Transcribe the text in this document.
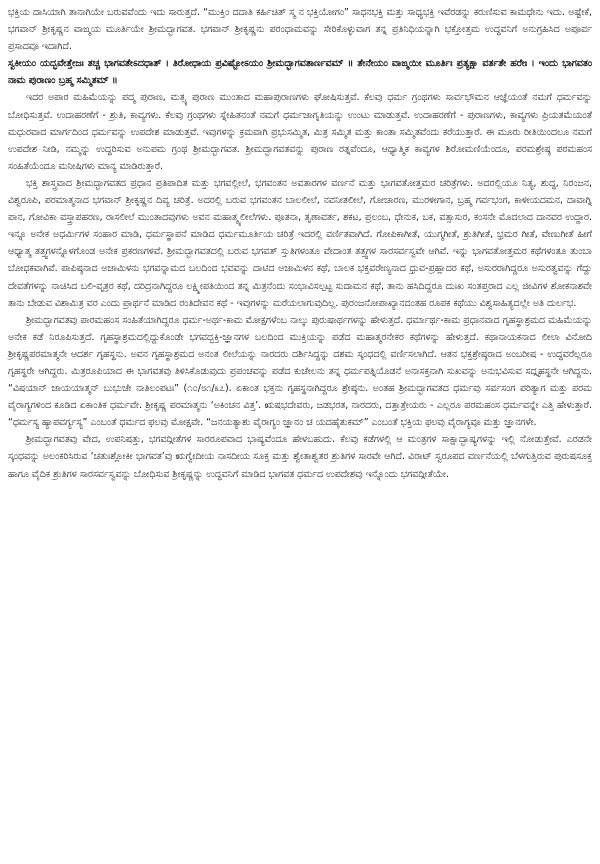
ಭಕ್ತಿಯ ದಾಸಿಯಾಗಿ ತಾನಾಗಿಯೇ ಬರುವವೆಂದು ಇದು ಸಾರುತ್ತದೆ. “ಮುಕ್ತಿಂ ದದಾತಿ ಕರ್ಹಿಚಿತ್ ಸ್ಮ ನ ಭಕ್ತಿಯೋಗಂ” ಸಾಧನಭಕ್ತಿ ಮತ್ತು ಸಾಧ್ಯಭಕ್ತಿ ಇವೆರಡನ್ನು ಕರುಣಿಸುವ ಕಾಮಧೇನು ಇದು. ಅಷ್ಟೇಕೆ, ಭಗವಾನ್ ಶ್ರೀಕೃಷ್ಣನ ವಾಙ್ಮಯ ಮೂರ್ತಿಯೇ ಶ್ರೀಮದ್ಭಾಗವತ. ಭಗವಾನ್ ಶ್ರೀಕೃಷ್ಣನು ಪರಂಧಾಮವನ್ನು ಸೇರಿಕೊಳ್ಳುವಾಗ ತನ್ನ ಪ್ರತಿನಿಧಿಯನ್ನಾಗಿ ಭಕ್ತೋತ್ತಮ ಉದ್ಧವನಿಗೆ ಅನುಗ್ರಹಿಸಿದ ಅಪೂರ್ವ ಪ್ರಸಾದವೂ ಇದಾಗಿದೆ.

ಸ್ವಕೀಯಂ ಯದ್ಭವೇತ್ತೇಜಃ ತಚ್ಚ ಭಾಗವತೇಽದಧಾತ್ । ತಿರೋಧಾಯ ಪ್ರವಿಷ್ಟೋಽಯಂ ಶ್ರೀಮದ್ಭಾಗವತಾರ್ಣವಮ್ ॥ ತೇನೇಯಂ ವಾಙ್ಮಯೀ ಮೂರ್ತಿಃ ಪ್ರತ್ಯಕ್ಷಾ ವರ್ತತೇ ಹರೇಃ । ಇಂದು ಭಾಗವತಂ ನಾಮ ಪುರಾಣಂ ಬ್ರಹ್ಮ ಸಮ್ಮಿತಮ್ ॥

ಇದರ ಅಪಾರ ಮಹಿಮೆಯನ್ನು ಪದ್ಮ ಪುರಾಣ, ಮತ್ಸ್ಯ ಪುರಾಣ ಮುಂತಾದ ಮಹಾಪುರಾಣಗಳು ಘೋಷಿಸುತ್ತವೆ. ಕೆಲವು ಧರ್ಮ ಗ್ರಂಥಗಳು ಸಾರ್ವಭೌಮನ ಆಜ್ಞೆಯಂತೆ ನಮಗೆ ಧರ್ಮವನ್ನು ಬೋಧಿಸುತ್ತವೆ. ಉದಾಹರಣೆಗೆ - ಶ್ರುತಿ, ಕಾವ್ಯಗಳು. ಕೆಲವು ಗ್ರಂಥಗಳು ಸ್ನೇಹಿತನಂತೆ ನಮಗೆ ಧರ್ಮಜಾಗೃತಿಯನ್ನು ಉಂಟು ಮಾಡುತ್ತವೆ. ಉದಾಹರಣೆಗೆ - ಪುರಾಣಗಳು, ಕಾವ್ಯಗಳು ಪ್ರಿಯತಮೆಯಂತೆ ಮಧುರವಾದ ಮಾರ್ಗದಿಂದ ಧರ್ಮವನ್ನು ಉಪದೇಶ ಮಾಡುತ್ತವೆ. ಇವುಗಳನ್ನು ಕ್ರಮವಾಗಿ ಪ್ರಭುಸಮ್ಮಿತ, ಮಿತ್ರ ಸಮ್ಮಿತ ಮತ್ತು ಕಾಂತಾ ಸಮ್ಮಿತವೆಂದು ಕರೆಯುತ್ತಾರೆ. ಈ ಮೂರು ರೀತಿಯಿಂದಲೂ ನಮಗೆ ಉಪದೇಶ ನೀಡಿ, ನಮ್ಮನ್ನು ಉದ್ಧರಿಸುವ ಅನುಪಮ ಗ್ರಂಥ ಶ್ರೀಮದ್ಭಾಗವತ. ಶ್ರೀಮದ್ಭಾಗವತವನ್ನು ಪುರಾಣ ರತ್ನವೆಂದೂ, ಆಧ್ಯಾತ್ಮಿಕ ಕಾವ್ಯಗಳ ಶಿರೋಮಣಿಯೆಂದೂ, ಪರಮಶ್ರೇಷ್ಠ ಪರಮಹಂಸ ಸಂಹಿತೆಯೆಂದೂ ಮನೀಷಿಗಳು ಮಾನ್ಯ ಮಾಡಿರುತ್ತಾರೆ.

ಭಕ್ತಿ ಶಾಸ್ತ್ರವಾದ ಶ್ರೀಮದ್ಭಾಗವತದ ಪ್ರಧಾನ ಪ್ರತಿಪಾದಿತ ಮತ್ತು ಭಗವಲ್ಲೀಲೆ, ಭಗವಂತನ ಅವತಾರಗಳ ವರ್ಣನೆ ಮತ್ತು ಭಾಗವತೋತ್ತಮರ ಚರಿತ್ರೆಗಳು. ಅದರಲ್ಲಿಯೂ ನಿತ್ಯ, ಶುದ್ಧ, ನಿರಂಜನ, ವಿಶ್ವರೂಪಿ, ಪರಮಾತ್ಮನಾದ ಭಗವಾನ್ ಶ್ರೀಕೃಷ್ಣನ ದಿವ್ಯ ಚರಿತ್ರೆ. ಅದರಲ್ಲಿ ಬರುವ ಭಗವಂತನ ಬಾಲಲೀಲೆ, ನವನೀತಲೀಲೆ, ಗೋಚಾರಣ, ಮುರಳೀಗಾನ, ಬ್ರಹ್ಮ ಗರ್ವಭಂಗ, ಕಾಳೀಯದಮನ, ದಾವಾಗ್ನಿ ಪಾನ, ಗೋವಿಕಾ ವಸ್ತ್ರಾಪಹರಣ, ರಾಸಲೀಲೆ ಮುಂತಾದವುಗಳು ಅವನ ಮಹಾತ್ಮ್ಯಲೀಲೆಗಳು. ಪೂತನಾ, ತೃಣಾವರ್ತ, ಶಕಟ, ಪ್ರಲಂಬ, ಧೇನುಕ, ಬಕ, ವತ್ಸಾಸುರ, ಕಂಸನೇ ಮೊದಲಾದ ದಾನವರ ಉದ್ಧಾರ. ಇನ್ನೂ ಅನೇಕ ಅಧರ್ಮಿಗಳ ಸಂಹಾರ ಮಾಡಿ, ಧರ್ಮಸ್ಥಾಪನೆ ಮಾಡಿದ ಧರ್ಮಮೂರ್ತಿಯ ಚರಿತ್ರೆ ಇದರಲ್ಲಿ ವರ್ಣಿತವಾಗಿದೆ. ಗೋಪಿಕಾಗೀತೆ, ಯುಗ್ಮಗೀತೆ, ಶ್ರುತಿಗೀತೆ, ಭ್ರಮರ ಗೀತೆ, ವೇಣುಗೀತೆ ಹೀಗೆ ಆಧ್ಯಾತ್ಮ ತತ್ತ್ವಗಳನ್ನೊಳಗೊಂಡ ಅನೇಕ ಪ್ರಕರಣಗಳಿವೆ. ಶ್ರೀಮದ್ಭಾಗವತದಲ್ಲಿ ಬರುವ ಭಗವತ್ ಸ್ತುತಿಗಳಂತೂ ವೇದಾಂತ ತತ್ತ್ವಗಳ ಸಾರಸರ್ವಸ್ವವೇ ಆಗಿವೆ. ಇನ್ನು ಭಾಗವತೋತ್ತಮರ ಕಥೆಗಳಂತೂ ತುಂಬಾ ಬೋಧಕವಾಗಿವೆ. ಪಾಪಿಷ್ಠನಾದ ಅಜಾಮಿಳನು ಭಗವನ್ನಾಮದ ಬಲದಿಂದ ಭವವನ್ನು ದಾಟಿದ ಅಜಾಮಿಳನ ಕಥೆ, ಬಾಲಕ ಭಕ್ತವರೇಣ್ಯನಾದ ಧ್ರುವ-ಪ್ರಹ್ಲಾದರ ಕಥೆ, ಅಸುರರಾಗಿದ್ದರೂ ಅಸುರತ್ವವನ್ನು ಗೆದ್ದು ದೇವತೆಗಳನ್ನು ನಾಚಿಸಿದ ಬಲಿ-ವೃತ್ರರ ಕಥೆ, ದರಿದ್ರನಾಗಿದ್ದರೂ ಲಕ್ಷ್ಮೀಪತಿಯಿಂದ ತನ್ನ ಮಿತ್ರನೆಂದು ಸಂಭಾವಿಸಲ್ಪಟ್ಟ ಸುದಾಮನ ಕಥೆ, ತಾನು ಹಸಿದಿದ್ದರೂ ದುಃಖ ಸಂತಪ್ತರಾದ ಎಲ್ಲ ಜೀವಿಗಳ ಶೋಕನಾಶವೇ ತಾನು ಬೇಡುವ ವಿಶಾಮಿತ್ರ ವರ ಎಂದು ಪ್ರಾರ್ಥನೆ ಮಾಡಿದ ರಂತಿದೇವನ ಕಥೆ - ಇವುಗಳನ್ನು ಮರೆಯಲಾಗುವುದಿಲ್ಲ. ಪುರಂಜನೋಪಾಖ್ಯಾನದಂತಹ ರೂಪಕ ಕಥೆಯು ವಿಶ್ವಸಾಹಿತ್ಯದಲ್ಲೇ ಅತಿ ದುರ್ಲಭ.

ಶ್ರೀಮದ್ಭಾಗವತವು ಪಾರಮಹಂಸ ಸಂಹಿತೆಯಾಗಿದ್ದರೂ ಧರ್ಮ-ಅರ್ಥ-ಕಾಮ ಮೋಕ್ಷಗಳೆಂಬ ನಾಲ್ಕು ಪುರುಷಾರ್ಥಗಳನ್ನು ಹೇಳುತ್ತದೆ. ಧರ್ಮಾರ್ಥ-ಕಾಮ ಪ್ರಧಾನವಾದ ಗೃಹಸ್ಥಾಶ್ರಮದ ಮಹಿಮೆಯನ್ನು ಅನೇಕ ಕಡೆ ನಿರೂಪಿಸುತ್ತದೆ. ಗೃಹಸ್ಥಾಶ್ರಮದಲ್ಲಿದ್ದುಕೊಂಡೇ ಭಗವದ್ಭಕ್ತಿ-ಜ್ಞಾನಗಳ ಬಲದಿಂದ ಮುಕ್ತಿಯನ್ನು ಪಡೆದ ಮಹಾತ್ಮರನೇಕರ ಕಥೆಗಳನ್ನು ಹೇಳುತ್ತದೆ. ಕಥಾನಾಯಕನಾದ ಲೀಲಾ ವಿನೋದಿ ಶ್ರೀಕೃಷ್ಣಪರಮಾತ್ಮನೇ ಆದರ್ಶ ಗೃಹಸ್ಥನು. ಅವನ ಗೃಹಸ್ಥಾಶ್ರಮದ ಅನಂತ ಲೀಲೆಯನ್ನು ನಾರದರು ದರ್ಶಿಸಿದ್ದನ್ನು ದಶಮ ಸ್ಕಂಧದಲ್ಲಿ ವರ್ಣಿಸಲಾಗಿದೆ. ಆತನ ಭಕ್ತಶ್ರೇಷ್ಠರಾದ ಅಂಬರೀಷ - ಉದ್ಧವರೆಲ್ಲರೂ ಗೃಹಸ್ಥರೇ ಆಗಿದ್ದರು. ಮಿತ್ರರೂಪಿಯಾದ ಈ ಭಾಗವತವು ತಿಳಿಸಿಕೊಡುವುದು ಪ್ರಪಂಚವನ್ನು ಪಡೆದ ಕುಚೇಲನು ತನ್ನ ಧರ್ಮಪತ್ನಿಯೊಡನೆ ಅನಾಸಕ್ತನಾಗಿ ಸುಖವನ್ನು ಅನುಭವಿಸುವ ಸದ್ಗೃಹಸ್ಥನೇ ಆಗಿದ್ದನು. “ವಿಷಯಾನ್ ಜಾಯಯಾತ್ಮನ್ ಬುಭುಜೇ ನಾತಿಲಂಪಟಃ” (೧೦/೮೧/೩೭). ಏಕಾಂತ ಭಕ್ತನು ಗೃಹಸ್ಥನಾಗಿದ್ದರೂ ಶ್ರೇಷ್ಠನು. ಅಂತಹ ಶ್ರೀಮದ್ಭಾಗವತದ ಧರ್ಮವು ಸರ್ವಸಂಗ ಪರಿತ್ಯಾಗ ಮತ್ತು ಪರಮ ವೈರಾಗ್ಯಗಳಿಂದ ಕೂಡಿದ ಏಕಾಂತಿಕ ಧರ್ಮವೇ. ಶ್ರೀಕೃಷ್ಣ ಪರಮಾತ್ಮನು ‘ಅಕಿಂಚನ ವಿತ್ತ’. ಋಷಭದೇವರು, ಜಡಭರತ, ನಾರದರು, ದತ್ತಾತ್ರೇಯರು - ಎಲ್ಲರೂ ಪರಮಹಂಸ ಧರ್ಮವನ್ನೇ ಎತ್ತಿ ಹೇಳುತ್ತಾರೆ. “ಧರ್ಮಸ್ಯ ಹ್ಯಾಪವರ್ಗ್ಯಸ್ಯ” ಎಂಬಂತೆ ಧರ್ಮದ ಫಲವು ಮೋಕ್ಷವೇ. “ಜನಯತ್ಯಾಶು ವೈರಾಗ್ಯಂ ಜ್ಞಾನಂ ಚ ಯದಹೈತುಕಮ್” ಎಂಬಂತೆ ಭಕ್ತಿಯ ಫಲವು ವೈರಾಗ್ಯವೂ ಮತ್ತು ಜ್ಞಾನಗಳೇ.

ಶ್ರೀಮದ್ಭಾಗವತವು ವೇದ, ಉಪನಿಷತ್ತು, ಭಗವದ್ಗೀತೆಗಳ ಸಾರರೂಪವಾದ ಭಾಷ್ಯವೆಂದೂ ಹೇಳಬಹುದು. ಕೆಲವು ಕಡೆಗಳಲ್ಲಿ ಆ ಮಂತ್ರಗಳ ಸಾಕ್ಷಾದ್ಭಾಷ್ಯಗಳನ್ನು ಇಲ್ಲಿ ನೋಡುತ್ತೇವೆ. ಎರಡನೇ ಸ್ಕಂಧವನ್ನು ಅಲಂಕರಿಸಿರುವ ‘ಚತುಃಶ್ಲೋಕೀ ಭಾಗವತ’ವು ಋಗ್ವೇದೀಯ ನಾಸದೀಯ ಸೂಕ್ತ ಮತ್ತು ಶ್ವೇತಾಶ್ವತರ ಶ್ರುತಿಗಳ ಸಾರವೇ ಆಗಿದೆ. ವಿರಾಟ್ ಸ್ವರೂಪದ ವರ್ಣನೆಯಲ್ಲಿ ಬೆಳಗುತ್ತಿರುವ ಪುರುಷಸೂಕ್ತ ಹಾಗೂ ವೈದಿಕ ಶ್ರುತಿಗಳ ಸಾರಸರ್ವಸ್ವವನ್ನು ಬೋಧಿಸುವ ಶ್ರೀಕೃಷ್ಣನ್ನು ಉದ್ಧವನಿಗೆ ಮಾಡಿದ ಭಾಗವತ ಧರ್ಮದ ಉಪದೇಶವು ಇನ್ನೊಂದು ಭಗವದ್ಗೀತೆಯೇ.
